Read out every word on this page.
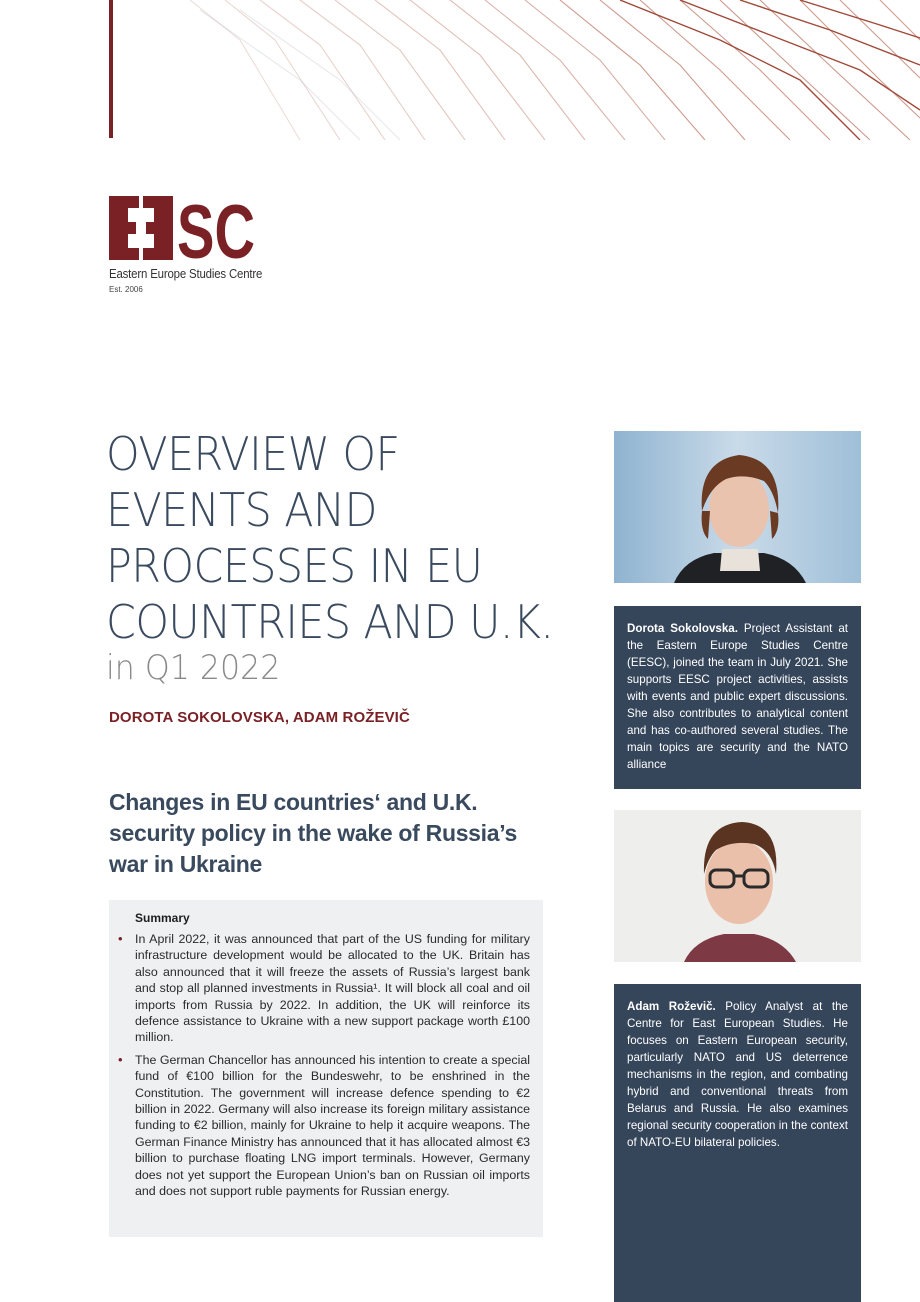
SC
Eastern Europe Studies Centre
Est. 2006
OVERVIEW OF
EVENTS AND
PROCESSES IN EU
COUNTRIES AND U.K.
in Q1 2022
DOROTA SOKOLOVSKA, ADAM ROŽEVIČ
Changes in EU countries‘ and U.K. security policy in the wake of Russia’s war in Ukraine
Summary
• In April 2022, it was announced that part of the US funding for military infrastructure development would be allocated to the UK. Britain has also announced that it will freeze the assets of Russia’s largest bank and stop all planned investments in Russia¹. It will block all coal and oil imports from Russia by 2022. In addition, the UK will reinforce its defence assistance to Ukraine with a new support package worth £100 million.
• The German Chancellor has announced his intention to create a special fund of €100 billion for the Bundeswehr, to be enshrined in the Constitution. The government will increase defence spending to €2 billion in 2022. Germany will also increase its foreign military assistance funding to €2 billion, mainly for Ukraine to help it acquire weapons. The German Finance Ministry has announced that it has allocated almost €3 billion to purchase floating LNG import terminals. However, Germany does not yet support the European Union’s ban on Russian oil imports and does not support ruble payments for Russian energy.
Dorota Sokolovska. Project Assistant at the Eastern Europe Studies Centre (EESC), joined the team in July 2021. She supports EESC project activities, assists with events and public expert discussions. She also contributes to analytical content and has co-authored several studies. The main topics are security and the NATO alliance
Adam Roževič. Policy Analyst at the Centre for East European Studies. He focuses on Eastern European security, particularly NATO and US deterrence mechanisms in the region, and combating hybrid and conventional threats from Belarus and Russia. He also examines regional security cooperation in the context of NATO-EU bilateral policies.
